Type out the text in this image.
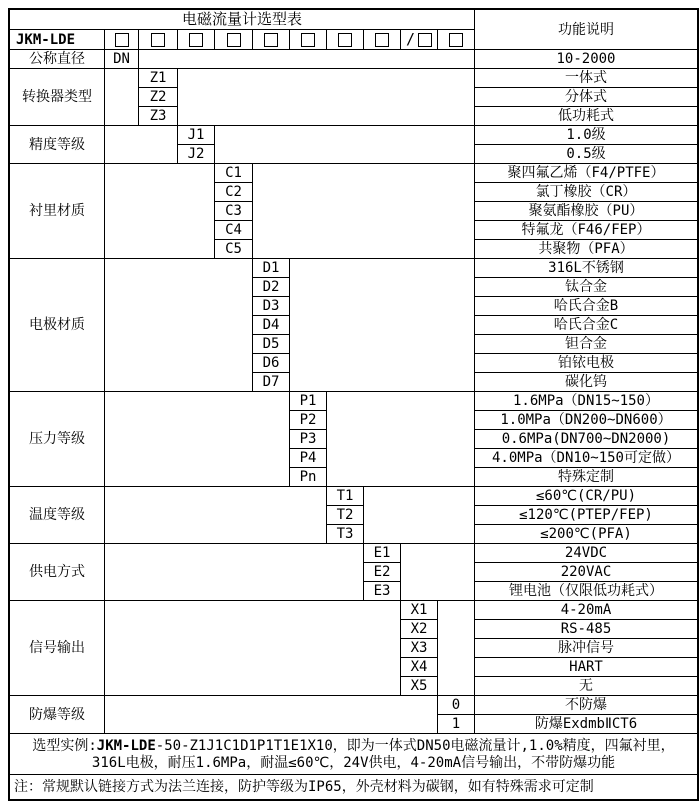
电磁流量计选型表
功能说明
JKM-LDE
选型实例: JKM-LDE -50-Z1J1C1D1P1T1E1X10，即为一体式DN50电磁流量计,1.0%精度，四氟衬里，
316L电极，耐压1.6MPa，耐温≤60℃，24V供电，4-20mA信号输出，不带防爆功能
注：常规默认链接方式为法兰连接，防护等级为IP65，外壳材料为碳钢，如有特殊需求可定制
/
公称直径	DN	10-2000
转换器类型
Z1
Z2
Z3
一体式
分体式
低功耗式
精度等级
J1
J2
1.0级
0.5级
衬里材质
C1
C2
C3
C4
C5
聚四氟乙烯（F4/PTFE）
氯丁橡胶（CR）
聚氨酯橡胶（PU）
特氟龙（F46/FEP）
共聚物（PFA）
电极材质
D1
D2
D3
D4
D5
D6
D7
316L不锈钢
钛合金
哈氏合金B
哈氏合金C
钽合金
铂铱电极
碳化钨
压力等级
P1
P2
P3
P4
Pn
1.6MPa（DN15~150）
1.0MPa（DN200~DN600）
0.6MPa(DN700~DN2000)
4.0MPa（DN10~150可定做）
特殊定制
温度等级
T1
T2
T3
≤60℃(CR/PU)
≤120℃(PTEP/FEP)
≤200℃(PFA)
供电方式
E1
E2
E3
24VDC
220VAC
锂电池（仅限低功耗式）
信号输出
X1
X2
X3
X4
X5
4-20mA
RS-485
脉冲信号
HART
无
防爆等级
0
1
不防爆
防爆ExdmbⅡCT6
